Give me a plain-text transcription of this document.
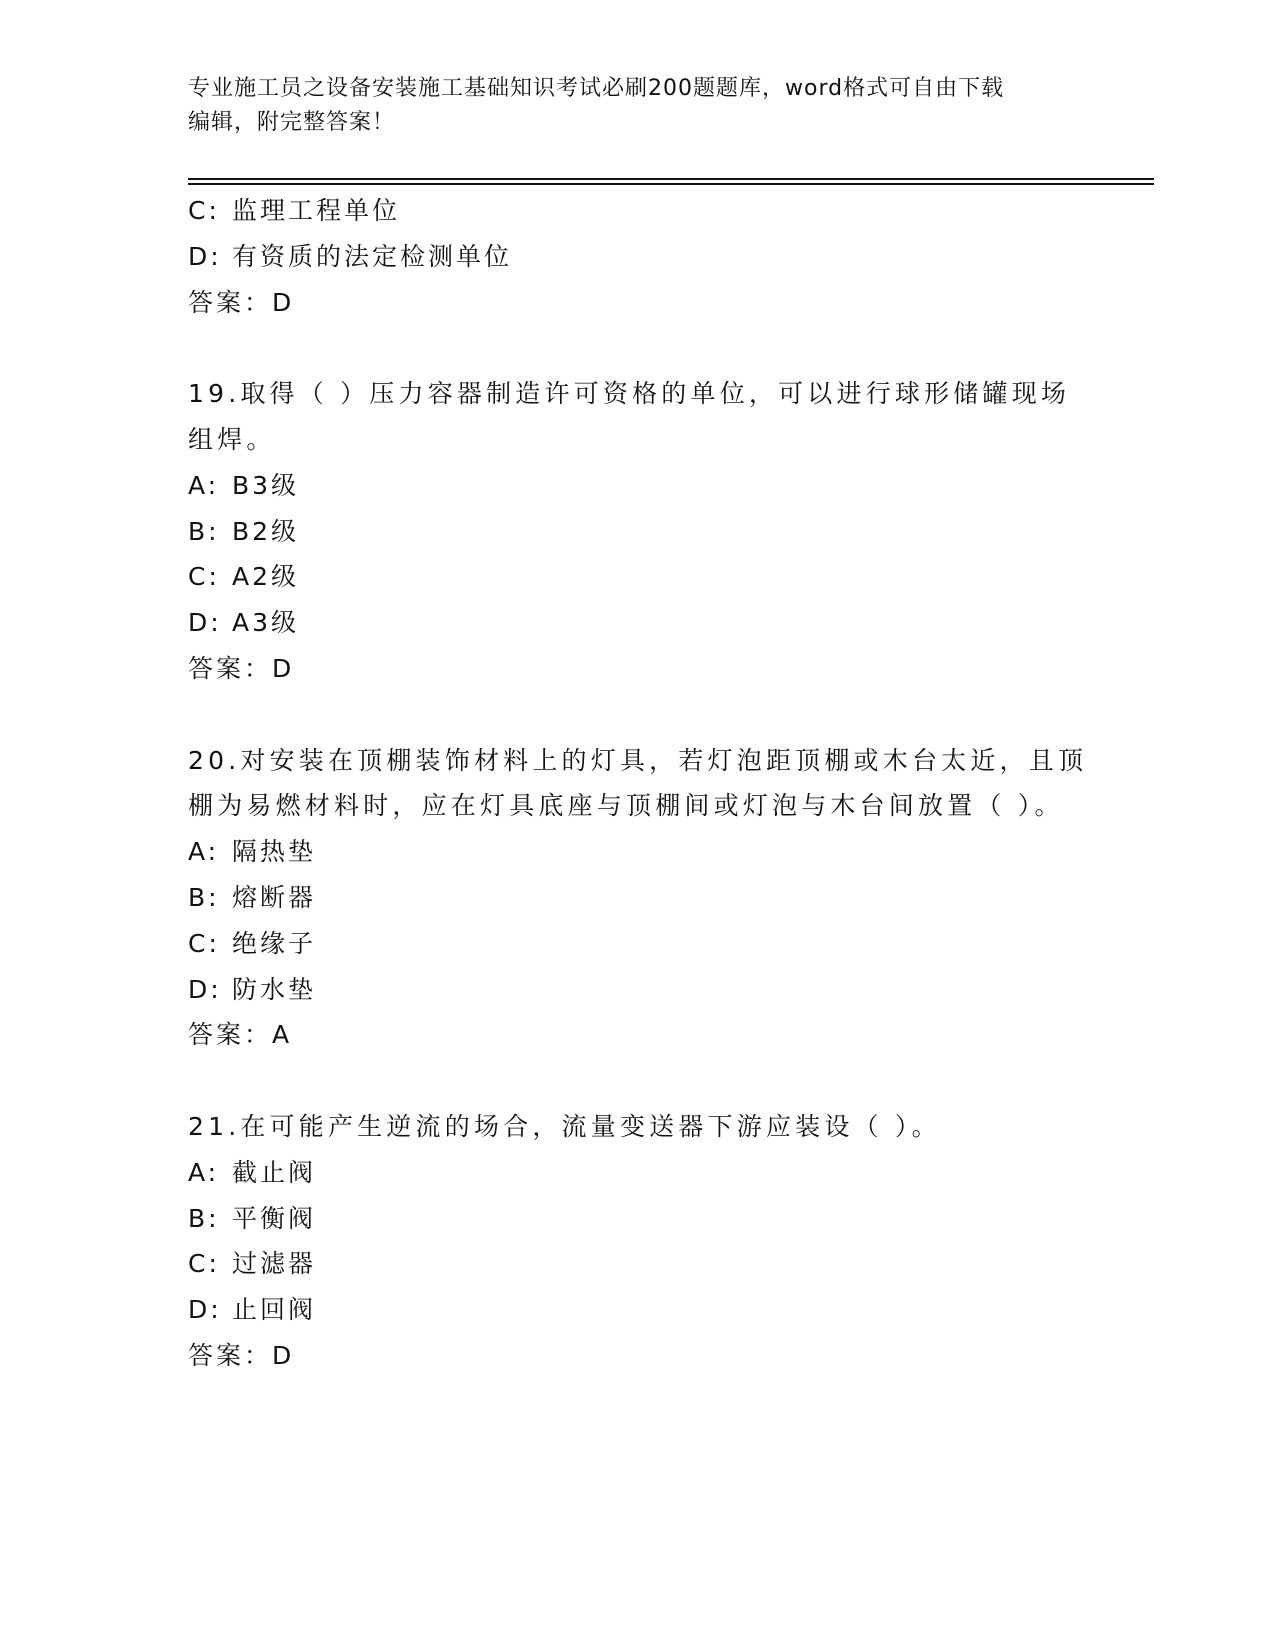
专业施工员之设备安装施工基础知识考试必刷200题题库，word格式可自由下载
编辑，附完整答案！
C: 监理工程单位
D: 有资质的法定检测单位
答案：D
19.取得（ ）压力容器制造许可资格的单位，可以进行球形储罐现场
组焊。
A: B3级
B: B2级
C: A2级
D: A3级
答案：D
20.对安装在顶棚装饰材料上的灯具，若灯泡距顶棚或木台太近，且顶
棚为易燃材料时，应在灯具底座与顶棚间或灯泡与木台间放置（ ）。
A: 隔热垫
B: 熔断器
C: 绝缘子
D: 防水垫
答案：A
21.在可能产生逆流的场合，流量变送器下游应装设（ ）。
A: 截止阀
B: 平衡阀
C: 过滤器
D: 止回阀
答案：D
